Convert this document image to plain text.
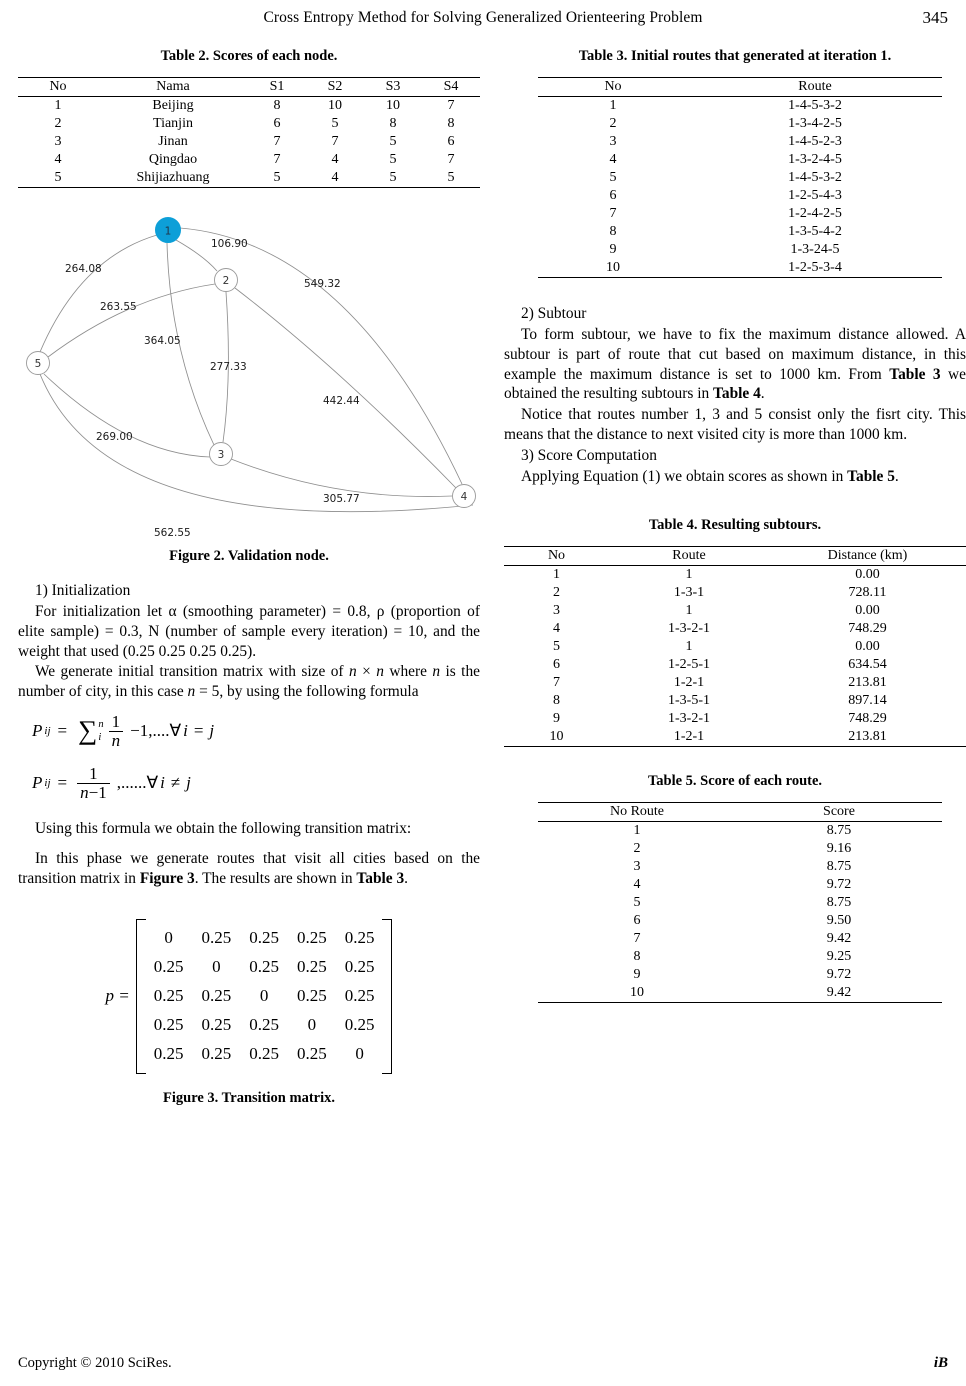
Cross Entropy Method for Solving Generalized Orienteering Problem	345
Table 2. Scores of each node.
No	Nama	S1	S2	S3	S4
1	Beijing	8	10	10	7
2	Tianjin	6	5	8	8
3	Jinan	7	7	5	6
4	Qingdao	7	4	5	7
5	Shijiazhuang	5	4	5	5
1
2
3
4
5
106.90
264.08
549.32
364.05
263.55
277.33
442.44
269.00
305.77
562.55
Figure 2. Validation node.

1) Initialization

For initialization let α (smoothing parameter) = 0.8, ρ (proportion of elite sample) = 0.3, N (number of sample every iteration) = 10, and the weight that used (0.25 0.25 0.25 0.25).

We generate initial transition matrix with size of n × n where n is the number of city, in this case n = 5, by using the following formula

P ij = ∑ n
i $\frac{1}{n}$ −1,....∀ i = j
P ij = $\frac{1}{n-1}$ ,......∀ i ≠ j

Using this formula we obtain the following transition matrix:

In this phase we generate routes that visit all cities based on the transition matrix in Figure 3. The results are shown in Table 3.

p =
0	0.25	0.25	0.25	0.25
0.25	0	0.25	0.25	0.25
0.25	0.25	0	0.25	0.25
0.25	0.25	0.25	0	0.25
0.25	0.25	0.25	0.25	0
Figure 3. Transition matrix.
Table 3. Initial routes that generated at iteration 1.
No	Route
1	1-4-5-3-2
2	1-3-4-2-5
3	1-4-5-2-3
4	1-3-2-4-5
5	1-4-5-3-2
6	1-2-5-4-3
7	1-2-4-2-5
8	1-3-5-4-2
9	1-3-24-5
10	1-2-5-3-4

2) Subtour

To form subtour, we have to fix the maximum distance allowed. A subtour is part of route that cut based on maximum distance, in this example the maximum distance is set to 1000 km. From Table 3 we obtained the resulting subtours in Table 4.

Notice that routes number 1, 3 and 5 consist only the fisrt city. This means that the distance to next visited city is more than 1000 km.

3) Score Computation

Applying Equation (1) we obtain scores as shown in Table 5.

Table 4. Resulting subtours.
No	Route	Distance (km)
1	1	0.00
2	1-3-1	728.11
3	1	0.00
4	1-3-2-1	748.29
5	1	0.00
6	1-2-5-1	634.54
7	1-2-1	213.81
8	1-3-5-1	897.14
9	1-3-2-1	748.29
10	1-2-1	213.81
Table 5. Score of each route.
No Route	Score
1	8.75
2	9.16
3	8.75
4	9.72
5	8.75
6	9.50
7	9.42
8	9.25
9	9.72
10	9.42
Copyright © 2010 SciRes.	iB
